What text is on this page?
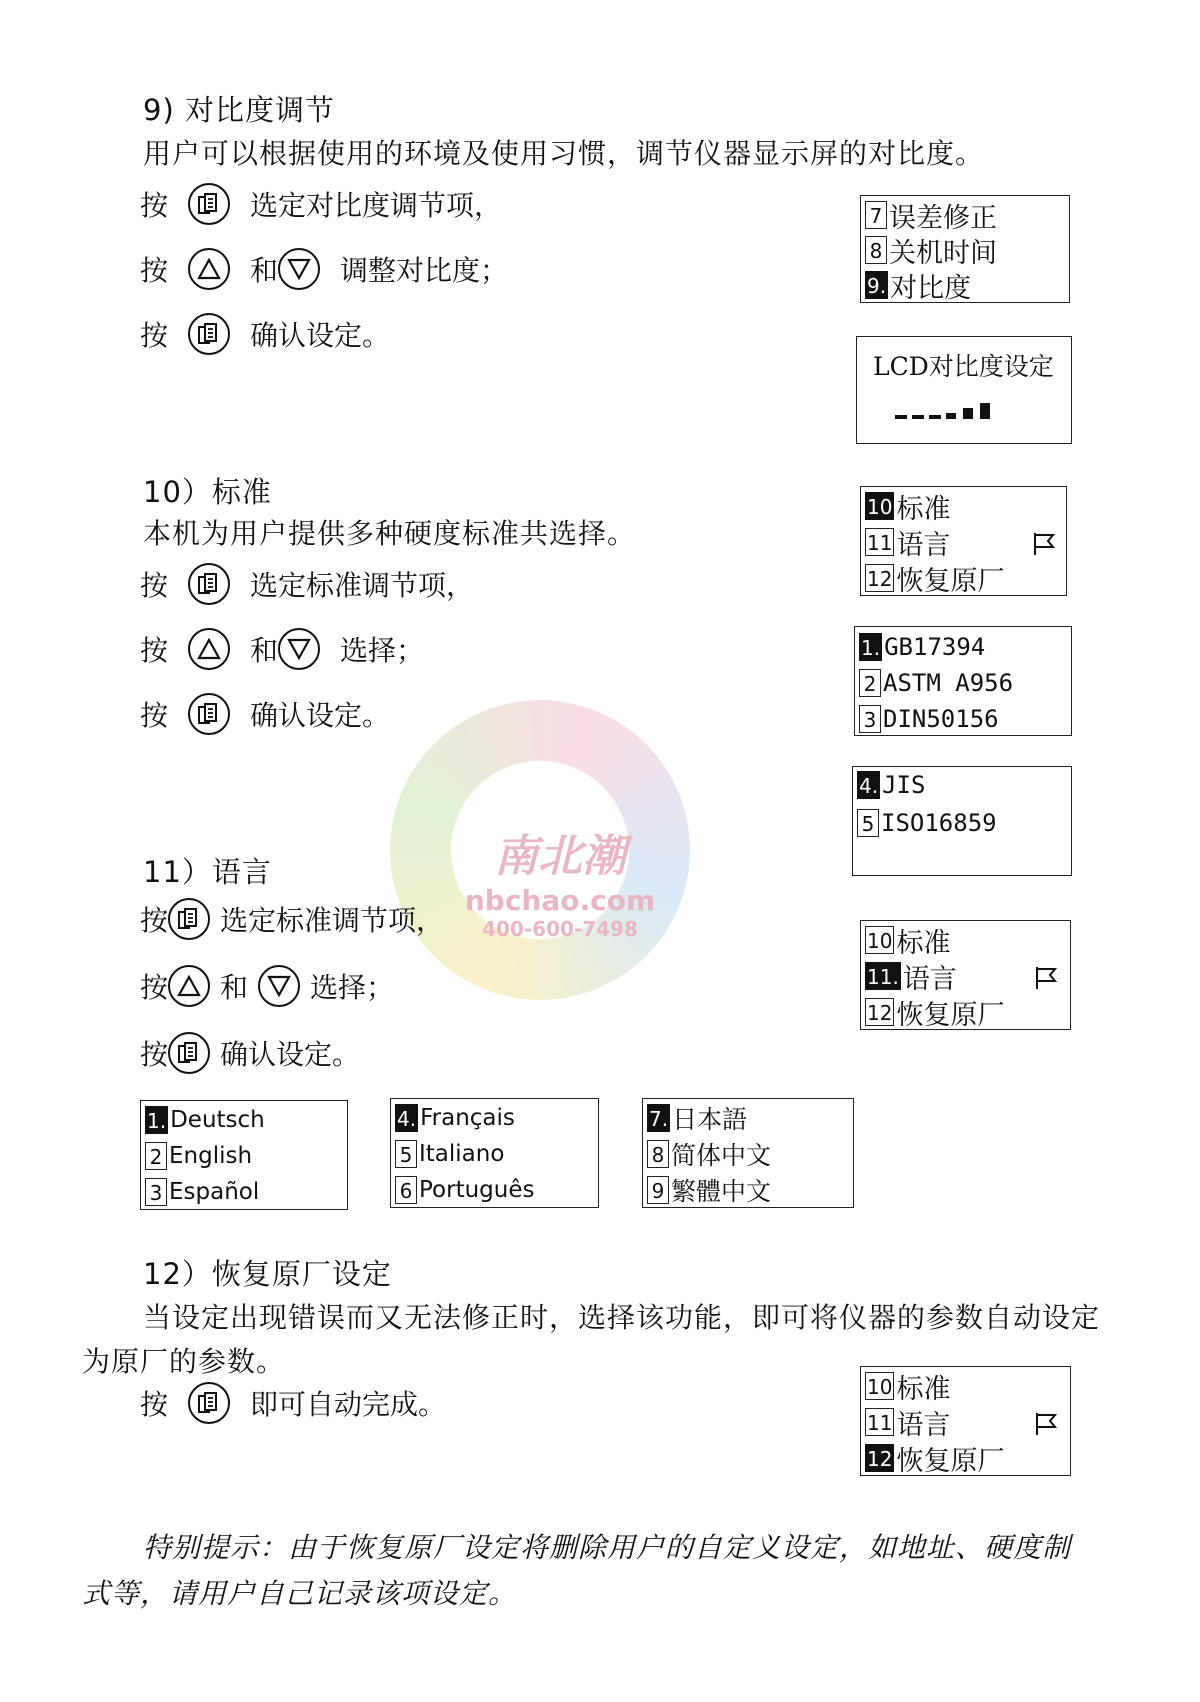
南北潮
nbchao.com
400-600-7498
9) 对比度调节
用户可以根据使用的环境及使用习惯，调节仪器显示屏的对比度。
按	选定对比度调节项，
按	和 调整对比度；
按	确认设定。
7 误差修正
8 关机时间
9. 对比度
LCD对比度设定
10）标准
本机为用户提供多种硬度标准共选择。
按	选定标准调节项，
按	和 选择；
按	确认设定。
10 标准
11 语言
12 恢复原厂
1. GB17394
2 ASTM A956
3 DIN50156
4. JIS
5 ISO16859
11）语言
按 选定标准调节项，
按 和 选择；
按 确认设定。
10 标准
11. 语言
12 恢复原厂
1. Deutsch
2 English
3 Español
4. Français
5 Italiano
6 Português
7. 日本語
8 简体中文
9 繁體中文
12）恢复原厂设定
当设定出现错误而又无法修正时，选择该功能，即可将仪器的参数自动设定
为原厂的参数。
按	即可自动完成。
10 标准
11 语言
12 恢复原厂
特别提示：由于恢复原厂设定将删除用户的自定义设定，如地址、硬度制
式等，请用户自己记录该项设定。
